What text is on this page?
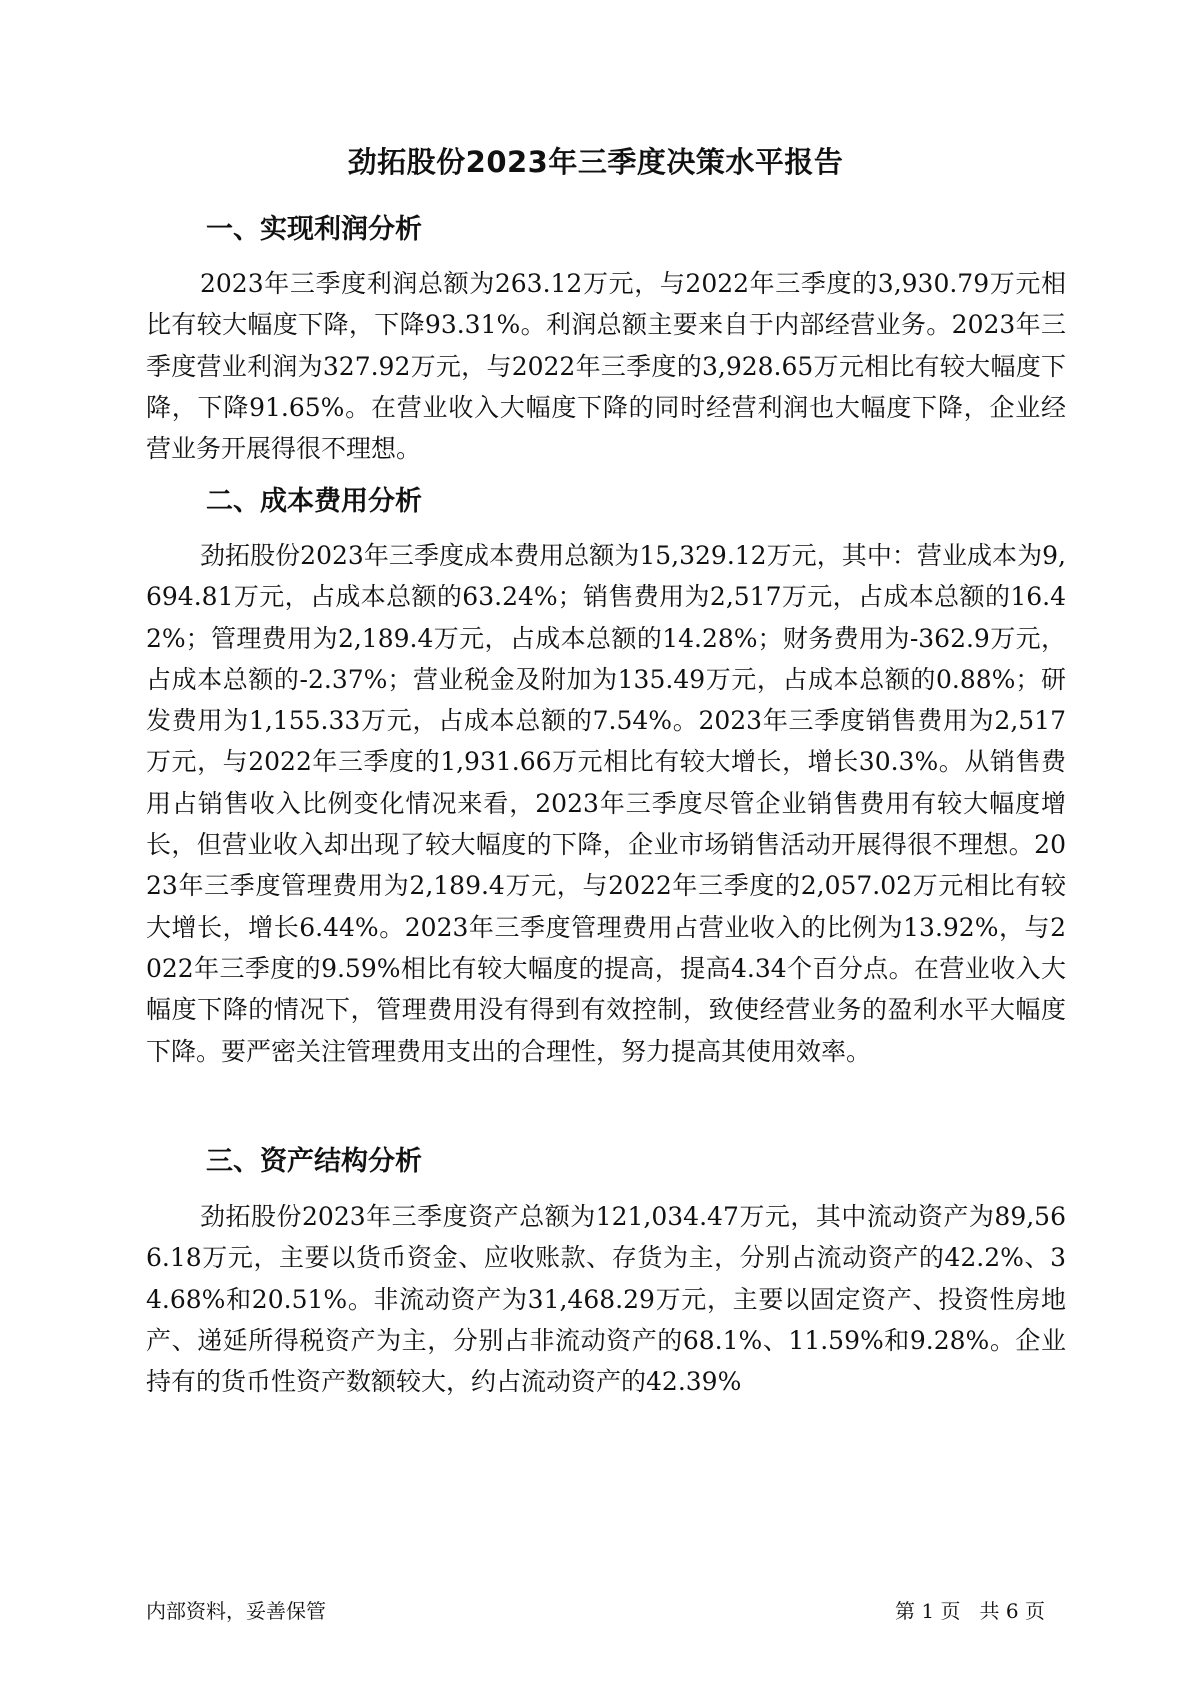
劲拓股份2023年三季度决策水平报告
一、实现利润分析

2023年三季度利润总额为263.12万元，与2022年三季度的3,930.79万元相比有较大幅度下降，下降93.31%。利润总额主要来自于内部经营业务。2023年三季度营业利润为327.92万元，与2022年三季度的3,928.65万元相比有较大幅度下降，下降91.65%。在营业收入大幅度下降的同时经营利润也大幅度下降，企业经营业务开展得很不理想。

二、成本费用分析

劲拓股份2023年三季度成本费用总额为15,329.12万元，其中：营业成本为9,694.81万元，占成本总额的63.24%；销售费用为2,517万元，占成本总额的16.42%；管理费用为2,189.4万元，占成本总额的14.28%；财务费用为-362.9万元，占成本总额的-2.37%；营业税金及附加为135.49万元，占成本总额的0.88%；研发费用为1,155.33万元，占成本总额的7.54%。2023年三季度销售费用为2,517万元，与2022年三季度的1,931.66万元相比有较大增长，增长30.3%。从销售费用占销售收入比例变化情况来看，2023年三季度尽管企业销售费用有较大幅度增长，但营业收入却出现了较大幅度的下降，企业市场销售活动开展得很不理想。2023年三季度管理费用为2,189.4万元，与2022年三季度的2,057.02万元相比有较大增长，增长6.44%。2023年三季度管理费用占营业收入的比例为13.92%，与2022年三季度的9.59%相比有较大幅度的提高，提高4.34个百分点。在营业收入大幅度下降的情况下，管理费用没有得到有效控制，致使经营业务的盈利水平大幅度下降。要严密关注管理费用支出的合理性，努力提高其使用效率。

三、资产结构分析

劲拓股份2023年三季度资产总额为121,034.47万元，其中流动资产为89,566.18万元，主要以货币资金、应收账款、存货为主，分别占流动资产的42.2%、34.68%和20.51%。非流动资产为31,468.29万元，主要以固定资产、投资性房地产、递延所得税资产为主，分别占非流动资产的68.1%、11.59%和9.28%。企业持有的货币性资产数额较大，约占流动资产的42.39%

内部资料，妥善保管	第 1 页   共 6 页
